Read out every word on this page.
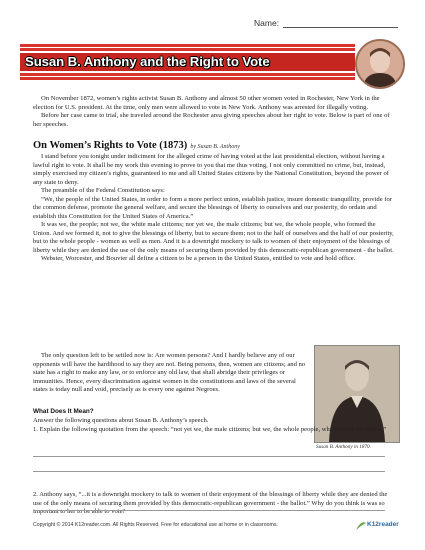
Name:
Susan B. Anthony and the Right to Vote

On November 1872, women’s rights activist Susan B. Anthony and almost 50 other women voted in Rochester, New York in the election for U.S. president. At the time, only men were allowed to vote in New York. Anthony was arrested for illegally voting.

Before her case came to trial, she traveled around the Rochester area giving speeches about her right to vote. Below is part of one of her speeches.

On Women’s Rights to Vote (1873) by Susan B. Anthony

I stand before you tonight under indictment for the alleged crime of having voted at the last presidential election, without having a lawful right to vote. It shall be my work this evening to prove to you that me thus voting, I not only committed no crime, but, instead, simply exercised my citizen’s rights, guaranteed to me and all United States citizens by the National Constitution, beyond the power of any state to deny.

The preamble of the Federal Constitution says:

“We, the people of the United States, in order to form a more perfect union, establish justice, insure domestic tranquillity, provide for the common defense, promote the general welfare, and secure the blessings of liberty to ourselves and our posterity, do ordain and establish this Constitution for the United States of America.”

It was we, the people; not we, the white male citizens; nor yet we, the male citizens; but we, the whole people, who formed the Union. And we formed it, not to give the blessings of liberty, but to secure them; not to the half of ourselves and the half of our posterity, but to the whole people - women as well as men. And it is a downright mockery to talk to women of their enjoyment of the blessings of liberty while they are denied the use of the only means of securing them provided by this democratic-republican government - the ballot.

Webster, Worcester, and Bouvier all define a citizen to be a person in the United States, entitled to vote and hold office.

The only question left to be settled now is: Are women persons? And I hardly believe any of our opponents will have the hardihood to say they are not. Being persons, then, women are citizens; and no state has a right to make any law, or to enforce any old law, that shall abridge their privileges or immunities. Hence, every discrimination against women in the constitutions and laws of the several states is today null and void, precisely as is every one against Negroes.

Susan B. Anthony in 1870.
What Does It Mean?
Answer the following questions about Susan B. Anthony’s speech.
1. Explain the following quotation from the speech: “not yet we, the male citizens; but we, the whole people, who formed the Union.”
2. Anthony says, “...it is a downright mockery to talk to women of their enjoyment of the blessings of liberty while they are denied the use of the only means of securing them provided by this democratic-republican government - the ballot.” Why do you think is was so important to her to be able to vote?
Copyright © 2014 K12reader.com. All Rights Reserved. Free for educational use at home or in classrooms.	K12reader
